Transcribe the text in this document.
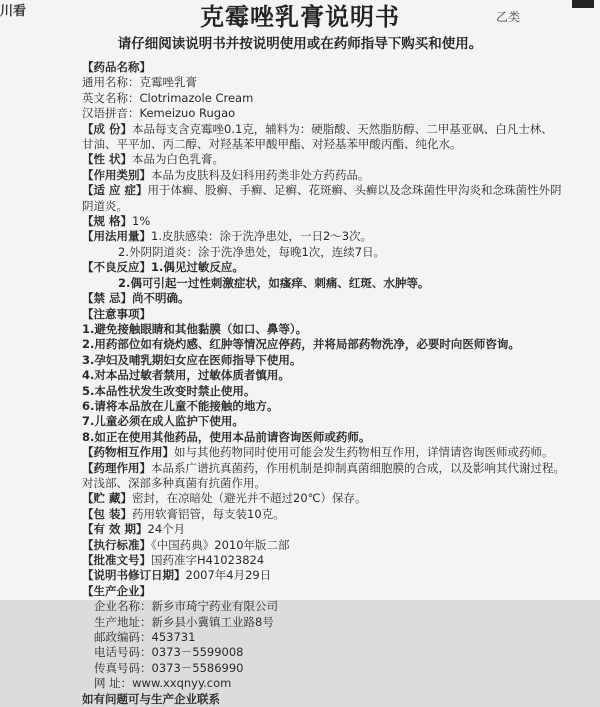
川看	克霉唑乳膏说明书	乙类
请仔细阅读说明书并按说明使用或在药师指导下购买和使用。
【药品名称】
通用名称：克霉唑乳膏
英文名称：Clotrimazole Cream
汉语拼音：Kemeizuo Rugao
【成 份】本品每支含克霉唑0.1克，辅料为：硬脂酸、天然脂肪醇、二甲基亚砜、白凡士林、
甘油、平平加、丙二醇、对羟基苯甲酸甲酯、对羟基苯甲酸丙酯、纯化水。
【性 状】本品为白色乳膏。
【作用类别】本品为皮肤科及妇科用药类非处方药药品。
【适 应 症】用于体癣、股癣、手癣、足癣、花斑癣、头癣以及念珠菌性甲沟炎和念珠菌性外阴
阴道炎。
【规 格】1%
【用法用量】1.皮肤感染：涂于洗净患处，一日2～3次。
2.外阴阴道炎：涂于洗净患处，每晚1次，连续7日。
【不良反应】1.偶见过敏反应。
2.偶可引起一过性刺激症状，如瘙痒、刺痛、红斑、水肿等。
【禁 忌】尚不明确。
【注意事项】
1.避免接触眼睛和其他黏膜（如口、鼻等）。
2.用药部位如有烧灼感、红肿等情况应停药，并将局部药物洗净，必要时向医师咨询。
3.孕妇及哺乳期妇女应在医师指导下使用。
4.对本品过敏者禁用，过敏体质者慎用。
5.本品性状发生改变时禁止使用。
6.请将本品放在儿童不能接触的地方。
7.儿童必须在成人监护下使用。
8.如正在使用其他药品，使用本品前请咨询医师或药师。
【药物相互作用】如与其他药物同时使用可能会发生药物相互作用，详情请咨询医师或药师。
【药理作用】本品系广谱抗真菌药，作用机制是抑制真菌细胞膜的合成，以及影响其代谢过程。
对浅部、深部多种真菌有抗菌作用。
【贮 藏】密封，在凉暗处（避光并不超过20℃）保存。
【包 装】药用软膏铝管，每支装10克。
【有 效 期】24个月
【执行标准】《中国药典》2010年版二部
【批准文号】国药准字H41023824
【说明书修订日期】2007年4月29日
【生产企业】
企业名称：新乡市琦宁药业有限公司
生产地址：新乡县小冀镇工业路8号
邮政编码：453731
电话号码：0373－5599008
传真号码：0373－5586990
网 址：www.xxqnyy.com
如有问题可与生产企业联系
